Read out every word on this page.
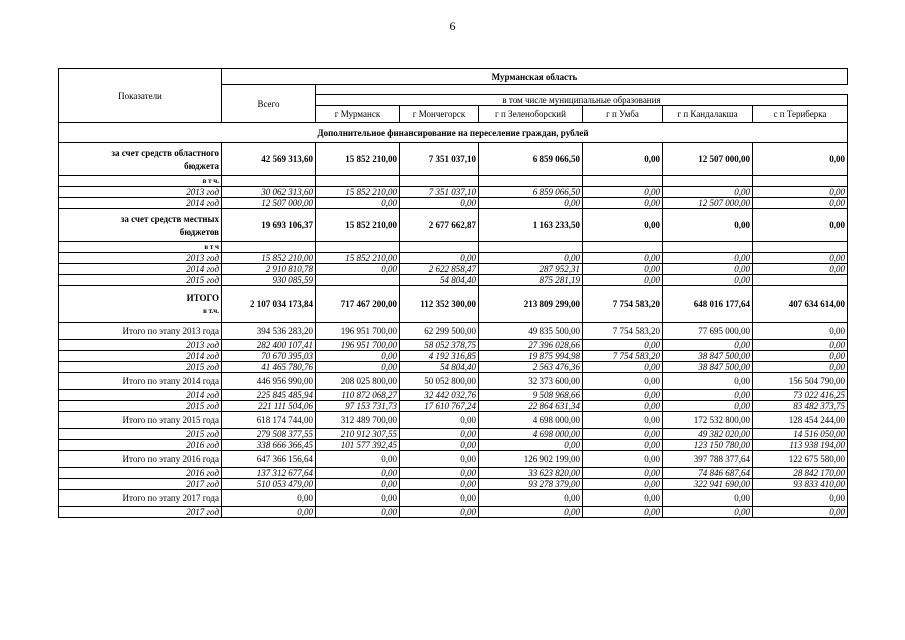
6
Показатели	Мурманская область						
	Всего						
		в том числе муниципальные образования					
		г Мурманск	г Мончегорск	г п Зеленоборский	г п Умба	г п Кандалакша	с п Териберка
Дополнительное финансирование на переселение граждан, рублей							

за счет средств областного
бюджета	42 569 313,60	15 852 210,00	7 351 037,10	6 859 066,50	0,00	12 507 000,00	0,00
в т ч.							
2013 год	30 062 313,60	15 852 210,00	7 351 037,10	6 859 066,50	0,00	0,00	0,00
2014 год	12 507 000,00	0,00	0,00	0,00	0,00	12 507 000,00	0,00

за счет средств местных
бюджетов	19 693 106,37	15 852 210,00	2 677 662,87	1 163 233,50	0,00	0,00	0,00
в т ч							
2013 год	15 852 210,00	15 852 210,00	0,00	0,00	0,00	0,00	0,00
2014 год	2 910 810,78	0,00	2 622 858,47	287 952,31	0,00	0,00	0,00
2015 год	930 085,59		54 804,40	875 281,19	0,00	0,00	

ИТОГО
в т.ч.	2 107 034 173,84	717 467 200,00	112 352 300,00	213 809 299,00	7 754 583,20	648 016 177,64	407 634 614,00
Итого по этапу 2013 года	394 536 283,20	196 951 700,00	62 299 500,00	49 835 500,00	7 754 583,20	77 695 000,00	0,00
2013 год	282 400 107,41	196 951 700,00	58 052 378,75	27 396 028,66	0,00	0,00	0,00
2014 год	70 670 395,03	0,00	4 192 316,85	19 875 994,98	7 754 583,20	38 847 500,00	0,00
2015 год	41 465 780,76	0,00	54 804,40	2 563 476,36	0,00	38 847 500,00	0,00
Итого по этапу 2014 года	446 956 990,00	208 025 800,00	50 052 800,00	32 373 600,00	0,00	0,00	156 504 790,00
2014 год	225 845 485,94	110 872 068,27	32 442 032,76	9 508 968,66	0,00	0,00	73 022 416,25
2015 год	221 111 504,06	97 153 731,73	17 610 767,24	22 864 631,34	0,00	0,00	83 482 373,75
Итого по этапу 2015 года	618 174 744,00	312 489 700,00	0,00	4 698 000,00	0,00	172 532 800,00	128 454 244,00
2015 год	279 508 377,55	210 912 307,55	0,00	4 698 000,00	0,00	49 382 020,00	14 516 050,00
2016 год	338 666 366,45	101 577 392,45	0,00	0,00	0,00	123 150 780,00	113 938 194,00
Итого по этапу 2016 года	647 366 156,64	0,00	0,00	126 902 199,00	0,00	397 788 377,64	122 675 580,00
2016 год	137 312 677,64	0,00	0,00	33 623 820,00	0,00	74 846 687,64	28 842 170,00
2017 год	510 053 479,00	0,00	0,00	93 278 379,00	0,00	322 941 690,00	93 833 410,00
Итого по этапу 2017 года	0,00	0,00	0,00	0,00	0,00	0,00	0,00
2017 год	0,00	0,00	0,00	0,00	0,00	0,00	0,00
